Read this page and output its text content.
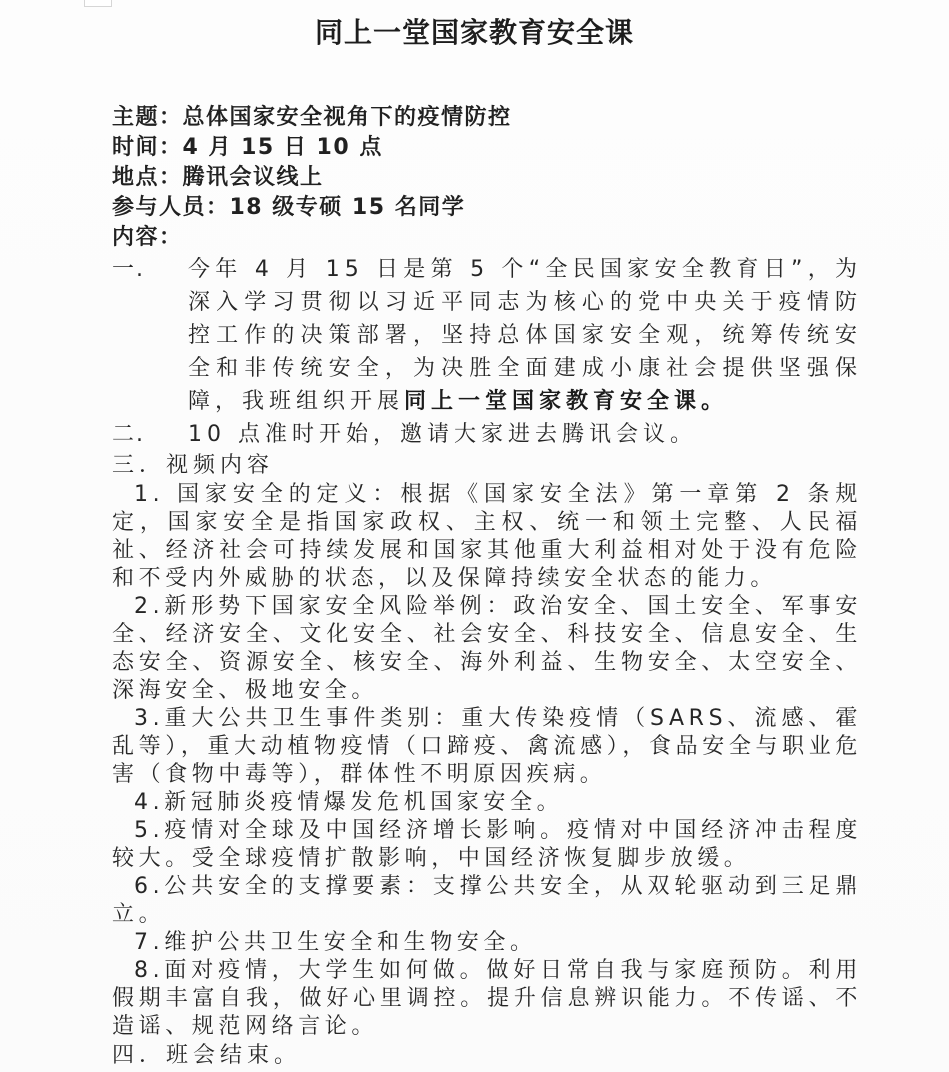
同上一堂国家教育安全课
主题：总体国家安全视角下的疫情防控
时间：4 月 15 日 10 点
地点：腾讯会议线上
参与人员：18 级专硕 15 名同学
内容：
一.	今年 4 月 15 日是第 5 个“全民国家安全教育日”，为深入学习贯彻以习近平同志为核心的党中央关于疫情防控工作的决策部署，坚持总体国家安全观，统筹传统安全和非传统安全，为决胜全面建成小康社会提供坚强保障，我班组织开展同上一堂国家教育安全课。
二.	10 点准时开始，邀请大家进去腾讯会议。
三．视频内容

1. 国家安全的定义：根据《国家安全法》第一章第 2 条规定，国家安全是指国家政权、主权、统一和领土完整、人民福祉、经济社会可持续发展和国家其他重大利益相对处于没有危险和不受内外威胁的状态，以及保障持续安全状态的能力。

2.新形势下国家安全风险举例：政治安全、国土安全、军事安全、经济安全、文化安全、社会安全、科技安全、信息安全、生态安全、资源安全、核安全、海外利益、生物安全、太空安全、深海安全、极地安全。

3.重大公共卫生事件类别：重大传染疫情（SARS、流感、霍乱等），重大动植物疫情（口蹄疫、禽流感），食品安全与职业危害（食物中毒等），群体性不明原因疾病。

4.新冠肺炎疫情爆发危机国家安全。

5.疫情对全球及中国经济增长影响。疫情对中国经济冲击程度较大。受全球疫情扩散影响，中国经济恢复脚步放缓。

6.公共安全的支撑要素：支撑公共安全，从双轮驱动到三足鼎立。

7.维护公共卫生安全和生物安全。

8.面对疫情，大学生如何做。做好日常自我与家庭预防。利用假期丰富自我，做好心里调控。提升信息辨识能力。不传谣、不造谣、规范网络言论。

四．班会结束。
